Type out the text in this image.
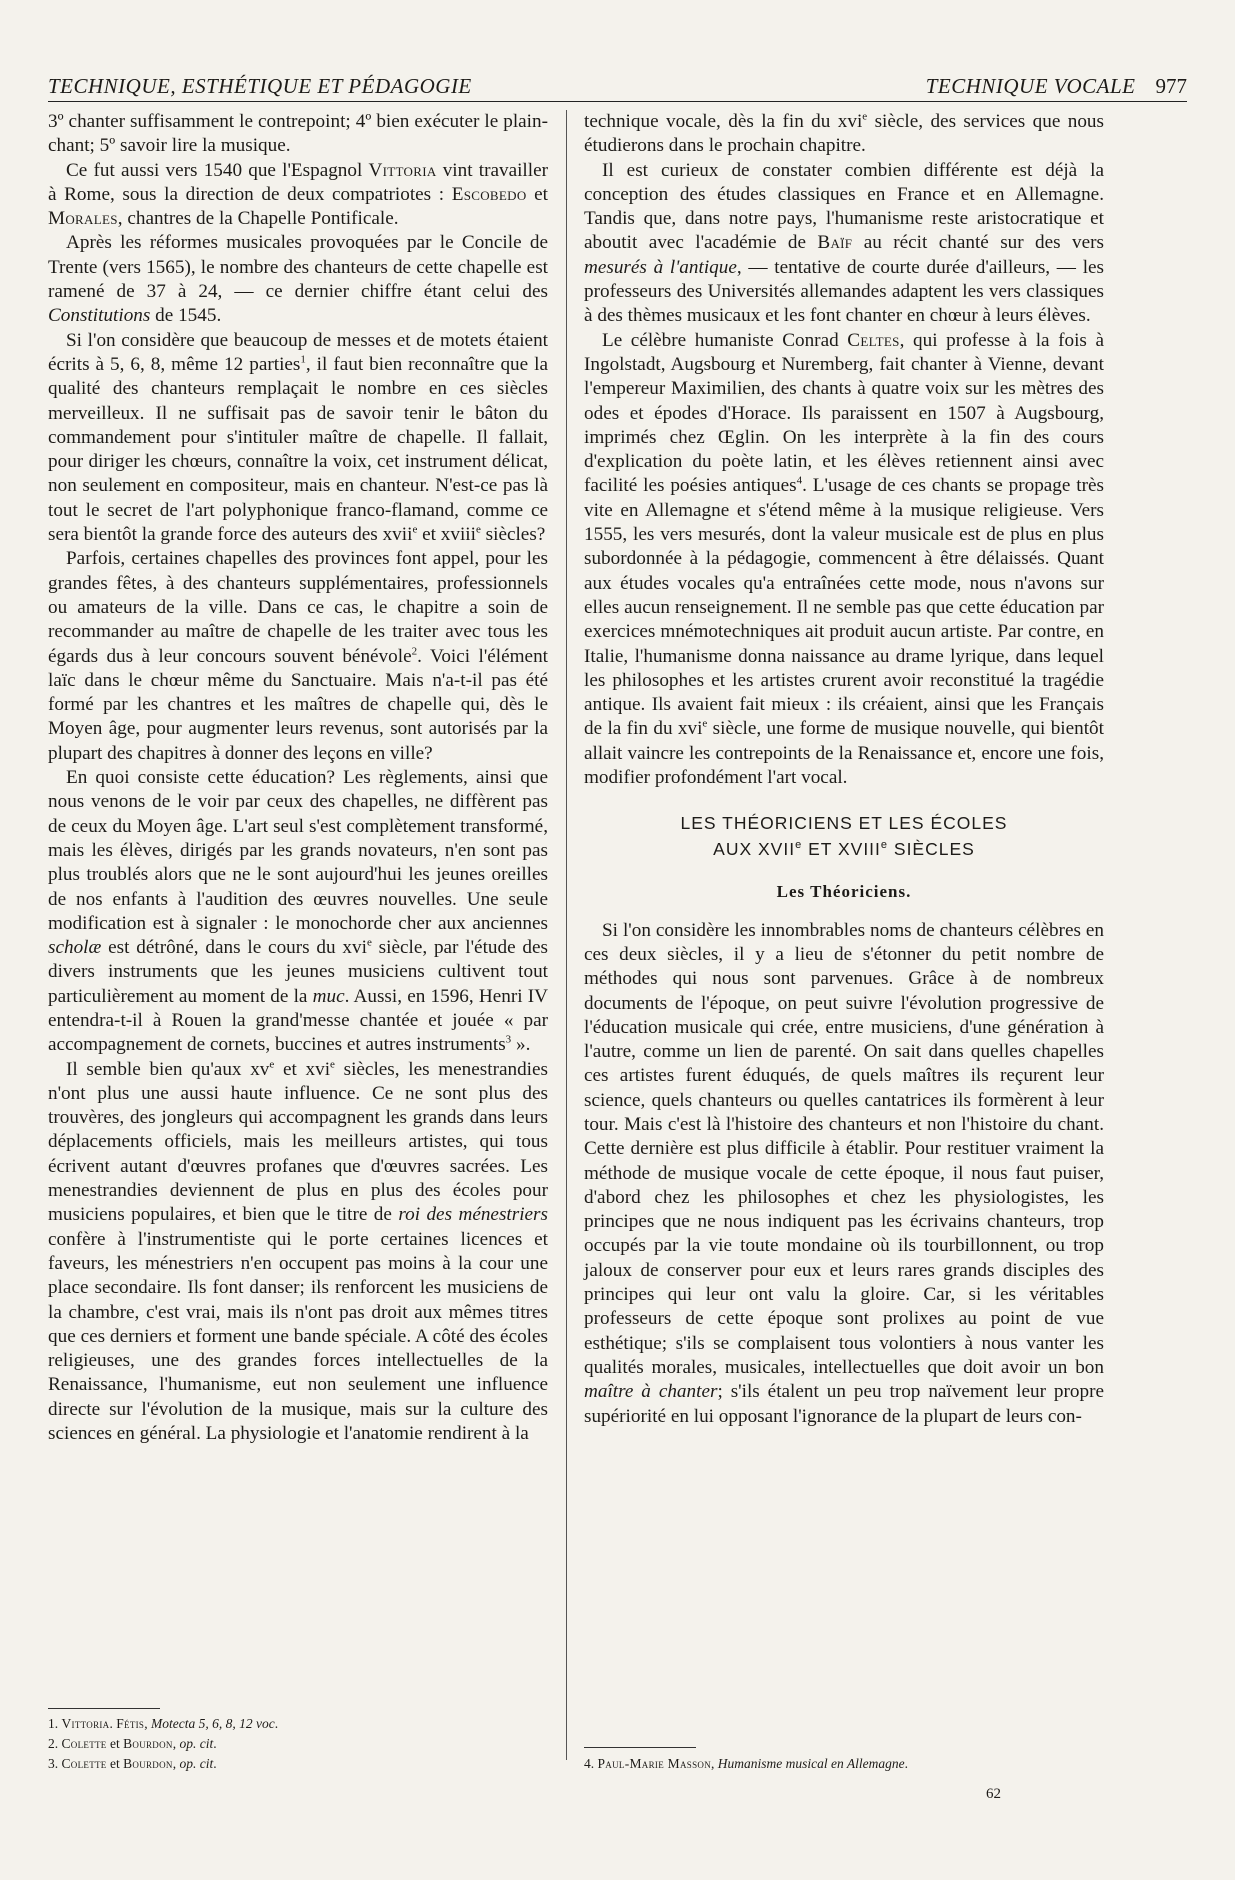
TECHNIQUE, ESTHÉTIQUE ET PÉDAGOGIE	TECHNIQUE VOCALE 977

3º chanter suffisamment le contrepoint; 4º bien exécuter le plain-chant; 5º savoir lire la musique.

Ce fut aussi vers 1540 que l'Espagnol Vittoria vint travailler à Rome, sous la direction de deux compatriotes : Escobedo et Morales, chantres de la Chapelle Pontificale.

Après les réformes musicales provoquées par le Concile de Trente (vers 1565), le nombre des chanteurs de cette chapelle est ramené de 37 à 24, — ce dernier chiffre étant celui des Constitutions de 1545.

Si l'on considère que beaucoup de messes et de motets étaient écrits à 5, 6, 8, même 12 parties$^1$, il faut bien reconnaître que la qualité des chanteurs remplaçait le nombre en ces siècles merveilleux. Il ne suffisait pas de savoir tenir le bâton du commandement pour s'intituler maître de chapelle. Il fallait, pour diriger les chœurs, connaître la voix, cet instrument délicat, non seulement en compositeur, mais en chanteur. N'est-ce pas là tout le secret de l'art polyphonique franco-flamand, comme ce sera bientôt la grande force des auteurs des xvii$^e$ et xviii$^e$ siècles?

Parfois, certaines chapelles des provinces font appel, pour les grandes fêtes, à des chanteurs supplémentaires, professionnels ou amateurs de la ville. Dans ce cas, le chapitre a soin de recommander au maître de chapelle de les traiter avec tous les égards dus à leur concours souvent bénévole$^2$. Voici l'élément laïc dans le chœur même du Sanctuaire. Mais n'a-t-il pas été formé par les chantres et les maîtres de chapelle qui, dès le Moyen âge, pour augmenter leurs revenus, sont autorisés par la plupart des chapitres à donner des leçons en ville?

En quoi consiste cette éducation? Les règlements, ainsi que nous venons de le voir par ceux des chapelles, ne diffèrent pas de ceux du Moyen âge. L'art seul s'est complètement transformé, mais les élèves, dirigés par les grands novateurs, n'en sont pas plus troublés alors que ne le sont aujourd'hui les jeunes oreilles de nos enfants à l'audition des œuvres nouvelles. Une seule modification est à signaler : le monochorde cher aux anciennes scholæ est détrôné, dans le cours du xvi$^e$ siècle, par l'étude des divers instruments que les jeunes musiciens cultivent tout particulièrement au moment de la muc. Aussi, en 1596, Henri IV entendra-t-il à Rouen la grand'messe chantée et jouée « par accompagnement de cornets, buccines et autres instruments$^3$ ».

Il semble bien qu'aux $xv^e$ et xvi$^e$ siècles, les menestrandies n'ont plus une aussi haute influence. Ce ne sont plus des trouvères, des jongleurs qui accompagnent les grands dans leurs déplacements officiels, mais les meilleurs artistes, qui tous écrivent autant d'œuvres profanes que d'œuvres sacrées. Les menestrandies deviennent de plus en plus des écoles pour musiciens populaires, et bien que le titre de roi des ménestriers confère à l'instrumentiste qui le porte certaines licences et faveurs, les ménestriers n'en occupent pas moins à la cour une place secondaire. Ils font danser; ils renforcent les musiciens de la chambre, c'est vrai, mais ils n'ont pas droit aux mêmes titres que ces derniers et forment une bande spéciale. A côté des écoles religieuses, une des grandes forces intellectuelles de la Renaissance, l'humanisme, eut non seulement une influence directe sur l'évolution de la musique, mais sur la culture des sciences en général. La physiologie et l'anatomie rendirent à la

1. Vittoria. Fétis, Motecta 5, 6, 8, 12 voc.
2. Colette et Bourdon, op. cit.
3. Colette et Bourdon, op. cit.

technique vocale, dès la fin du xvi$^e$ siècle, des services que nous étudierons dans le prochain chapitre.

Il est curieux de constater combien différente est déjà la conception des études classiques en France et en Allemagne. Tandis que, dans notre pays, l'humanisme reste aristocratique et aboutit avec l'académie de Baïf au récit chanté sur des vers mesurés à l'antique, — tentative de courte durée d'ailleurs, — les professeurs des Universités allemandes adaptent les vers classiques à des thèmes musicaux et les font chanter en chœur à leurs élèves.

Le célèbre humaniste Conrad Celtes, qui professe à la fois à Ingolstadt, Augsbourg et Nuremberg, fait chanter à Vienne, devant l'empereur Maximilien, des chants à quatre voix sur les mètres des odes et épodes d'Horace. Ils paraissent en 1507 à Augsbourg, imprimés chez Œglin. On les interprète à la fin des cours d'explication du poète latin, et les élèves retiennent ainsi avec facilité les poésies antiques$^4$. L'usage de ces chants se propage très vite en Allemagne et s'étend même à la musique religieuse. Vers 1555, les vers mesurés, dont la valeur musicale est de plus en plus subordonnée à la pédagogie, commencent à être délaissés. Quant aux études vocales qu'a entraînées cette mode, nous n'avons sur elles aucun renseignement. Il ne semble pas que cette éducation par exercices mnémotechniques ait produit aucun artiste. Par contre, en Italie, l'humanisme donna naissance au drame lyrique, dans lequel les philosophes et les artistes crurent avoir reconstitué la tragédie antique. Ils avaient fait mieux : ils créaient, ainsi que les Français de la fin du xvi$^e$ siècle, une forme de musique nouvelle, qui bientôt allait vaincre les contrepoints de la Renaissance et, encore une fois, modifier profondément l'art vocal.

LES THÉORICIENS ET LES ÉCOLES
AUX XVIIe ET XVIIIe SIÈCLES
Les Théoriciens.

Si l'on considère les innombrables noms de chanteurs célèbres en ces deux siècles, il y a lieu de s'étonner du petit nombre de méthodes qui nous sont parvenues. Grâce à de nombreux documents de l'époque, on peut suivre l'évolution progressive de l'éducation musicale qui crée, entre musiciens, d'une génération à l'autre, comme un lien de parenté. On sait dans quelles chapelles ces artistes furent éduqués, de quels maîtres ils reçurent leur science, quels chanteurs ou quelles cantatrices ils formèrent à leur tour. Mais c'est là l'histoire des chanteurs et non l'histoire du chant. Cette dernière est plus difficile à établir. Pour restituer vraiment la méthode de musique vocale de cette époque, il nous faut puiser, d'abord chez les philosophes et chez les physiologistes, les principes que ne nous indiquent pas les écrivains chanteurs, trop occupés par la vie toute mondaine où ils tourbillonnent, ou trop jaloux de conserver pour eux et leurs rares grands disciples des principes qui leur ont valu la gloire. Car, si les véritables professeurs de cette époque sont prolixes au point de vue esthétique; s'ils se complaisent tous volontiers à nous vanter les qualités morales, musicales, intellectuelles que doit avoir un bon maître à chanter; s'ils étalent un peu trop naïvement leur propre supériorité en lui opposant l'ignorance de la plupart de leurs con-

4. Paul-Marie Masson, Humanisme musical en Allemagne.
62
